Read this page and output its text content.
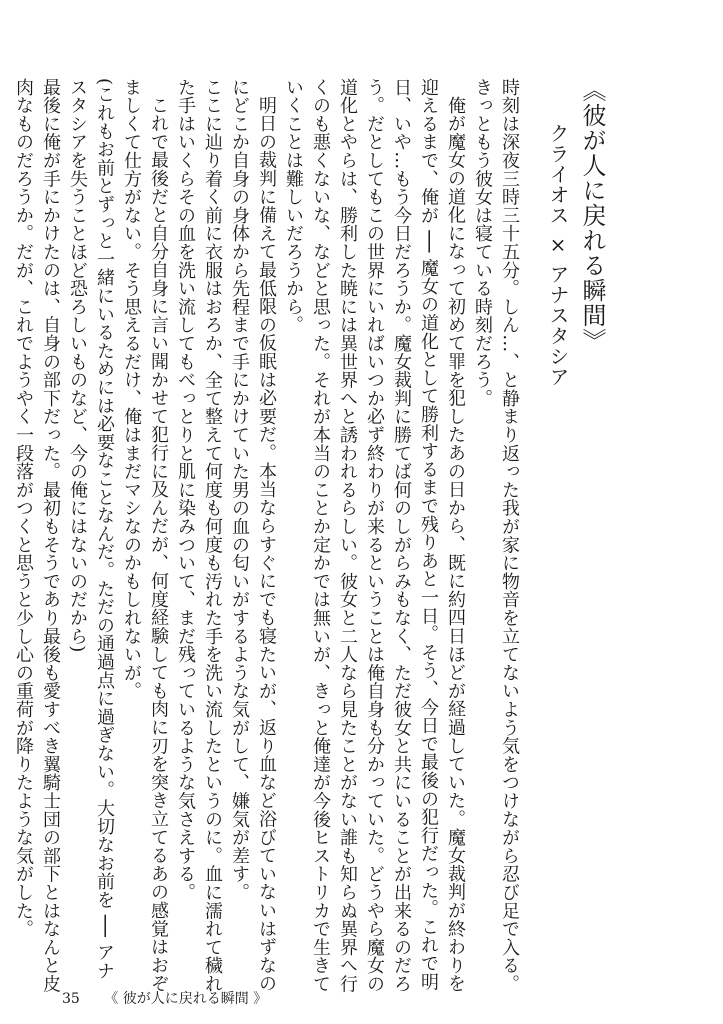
《彼が人に戻れる瞬間》
クライオス × アナスタシア

時刻は深夜三時三十五分。しん…、と静まり返った我が家に物音を立てないよう気をつけながら忍び足で入る。きっともう彼女は寝ている時刻だろう。

俺が魔女の道化になって初めて罪を犯したあの日から、既に約四日ほどが経過していた。魔女裁判が終わりを迎えるまで、俺が ── 魔女の道化として勝利するまで残りあと一日。そう、今日で最後の犯行だった。これで明日、いや…もう今日だろうか。魔女裁判に勝てば何のしがらみもなく、ただ彼女と共にいることが出来るのだろう。だとしてもこの世界にいればいつか必ず終わりが来るということは俺自身も分かっていた。どうやら魔女の道化とやらは、勝利した暁には異世界へと誘われるらしい。彼女と二人なら見たことがない誰も知らぬ異界へ行くのも悪くないな、などと思った。それが本当のことか定かでは無いが、きっと俺達が今後ヒストリカで生きていくことは難しいだろうから。

明日の裁判に備えて最低限の仮眠は必要だ。本当ならすぐにでも寝たいが、返り血など浴びていないはずなのにどこか自身の身体から先程まで手にかけていた男の血の匂いがするような気がして、嫌気が差す。

ここに辿り着く前に衣服はおろか、全て整えて何度も何度も汚れた手を洗い流したというのに。血に濡れて穢れた手はいくらその血を洗い流してもべっとりと肌に染みついて、まだ残っているような気さえする。

これで最後だと自分自身に言い聞かせて犯行に及んだが、何度経験しても肉に刃を突き立てるあの感覚はおぞましくて仕方がない。そう思えるだけ、俺はまだマシなのかもしれないが。

(これもお前とずっと一緒にいるためには必要なことなんだ。ただの通過点に過ぎない。大切なお前を ── アナスタシアを失うことほど恐ろしいものなど、今の俺にはないのだから)

最後に俺が手にかけたのは、自身の部下だった。最初もそうであり最後も愛すべき翼騎士団の部下とはなんと皮肉なものだろうか。だが、これでようやく一段落がつくと思うと少し心の重荷が降りたような気がした。

35 《 彼が人に戻れる瞬間 》
